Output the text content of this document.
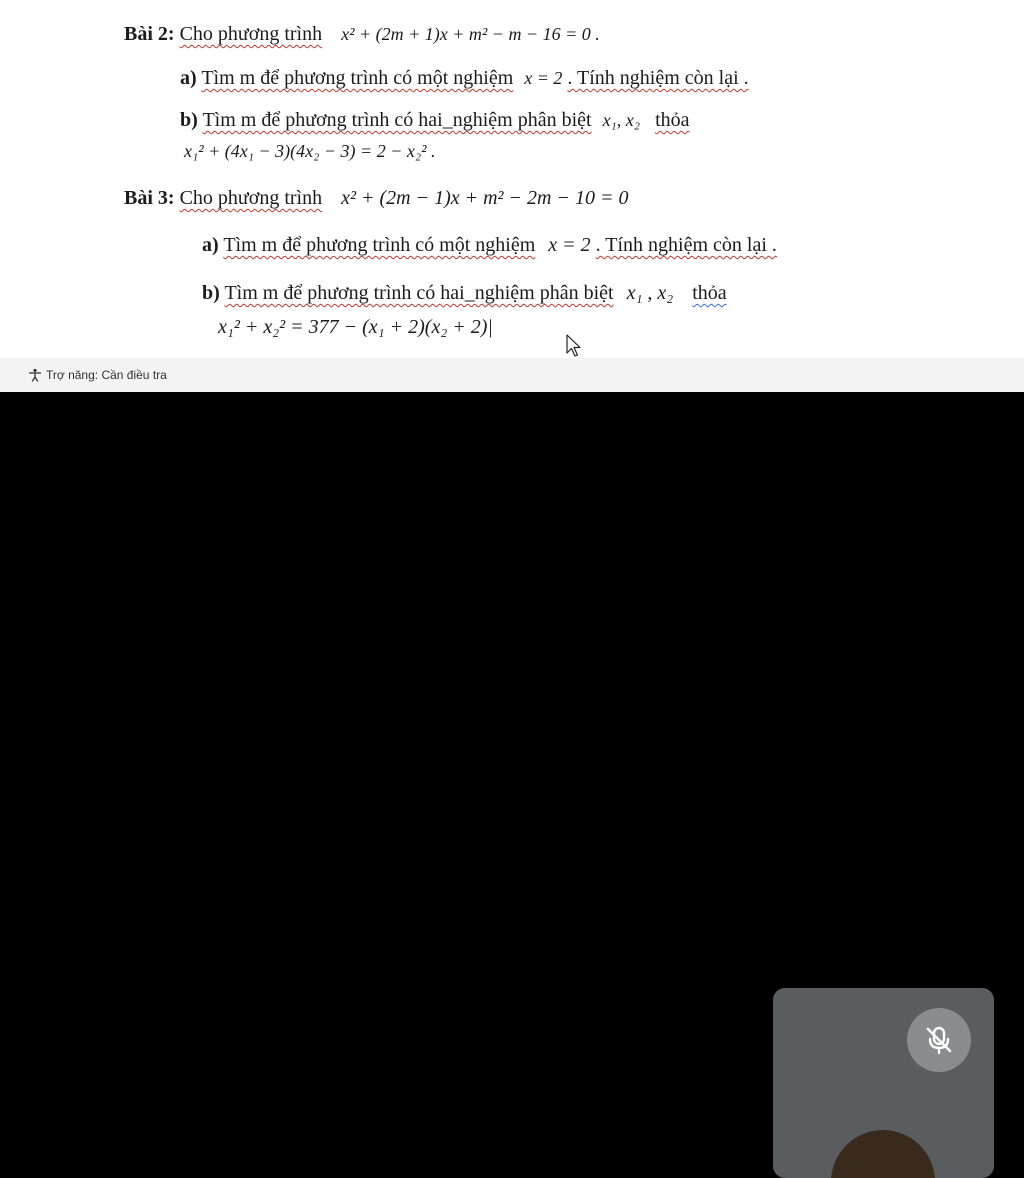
Bài 2: Cho phương trình x² + (2m + 1)x + m² − m − 16 = 0 .
a) Tìm m để phương trình có một nghiệm x = 2 . Tính nghiệm còn lại .
b) Tìm m để phương trình có hai_nghiệm phân biệt x₁, x₂ thỏa
x₁² + (4x₁ − 3)(4x₂ − 3) = 2 − x₂² .
Bài 3: Cho phương trình x² + (2m − 1)x + m² − 2m − 10 = 0
a) Tìm m để phương trình có một nghiệm x = 2 . Tính nghiệm còn lại .
b) Tìm m để phương trình có hai_nghiệm phân biệt x₁ , x₂ thỏa
x₁² + x₂² = 377 − (x₁ + 2)(x₂ + 2)|
Trợ năng: Cần điều tra
